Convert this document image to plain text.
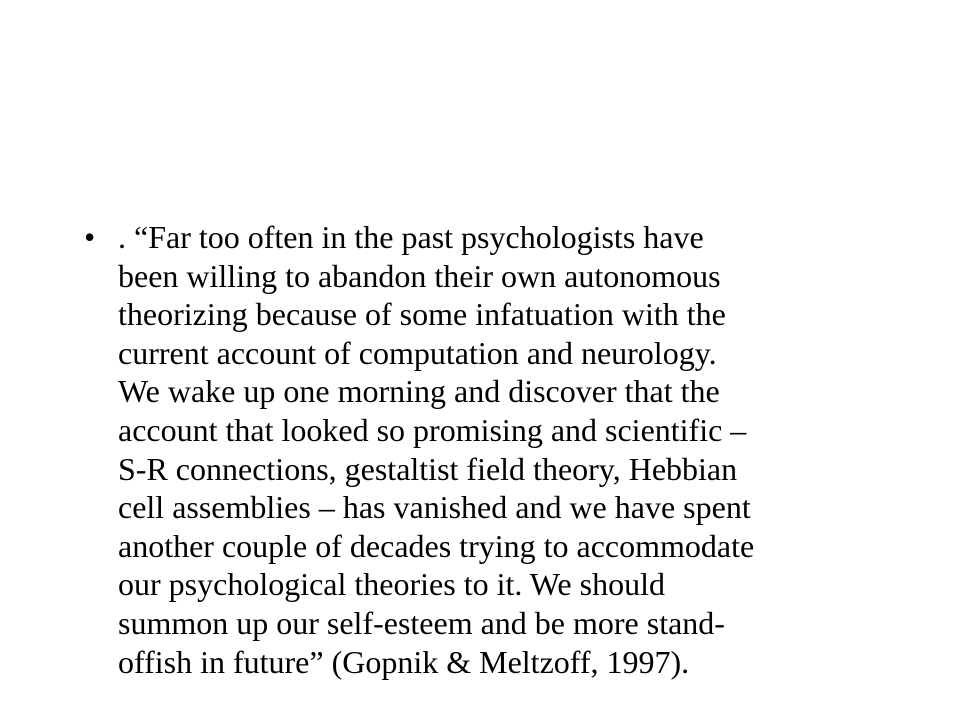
• . “Far too often in the past psychologists have
been willing to abandon their own autonomous
theorizing because of some infatuation with the
current account of computation and neurology.
We wake up one morning and discover that the
account that looked so promising and scientific –
S-R connections, gestaltist field theory, Hebbian
cell assemblies – has vanished and we have spent
another couple of decades trying to accommodate
our psychological theories to it. We should
summon up our self-esteem and be more stand-
offish in future” (Gopnik & Meltzoff, 1997).
